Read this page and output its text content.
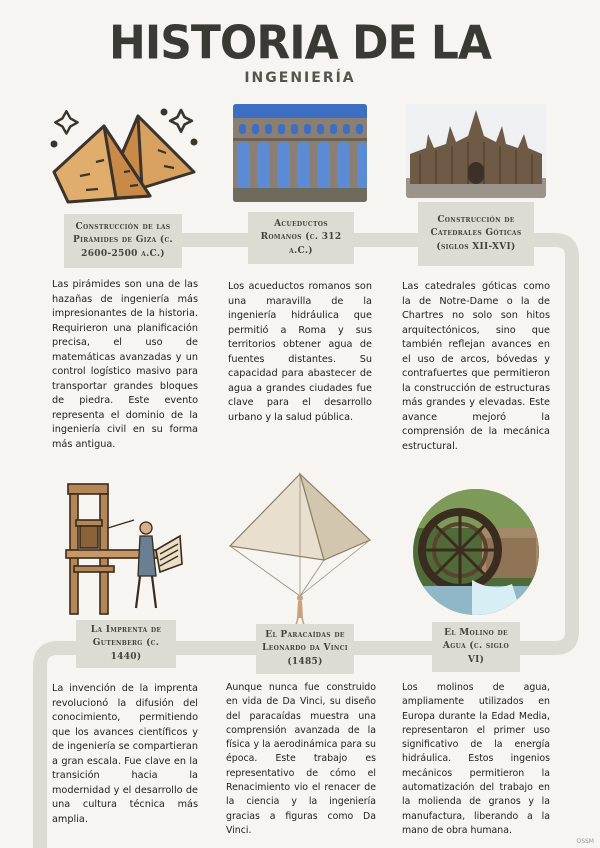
HISTORIA DE LA
INGENIERÍA
Construcción de las Pirámides de Giza (c. 2600-2500 a.C.)
Las pirámides son una de las hazañas de ingeniería más impresionantes de la historia. Requirieron una planificación precisa, el uso de matemáticas avanzadas y un control logístico masivo para transportar grandes bloques de piedra. Este evento representa el dominio de la ingeniería civil en su forma más antigua.
Acueductos Romanos (c. 312 a.C.)
Los acueductos romanos son una maravilla de la ingeniería hidráulica que permitió a Roma y sus territorios obtener agua de fuentes distantes. Su capacidad para abastecer de agua a grandes ciudades fue clave para el desarrollo urbano y la salud pública.
Construcción de Catedrales Góticas (siglos XII-XVI)
Las catedrales góticas como la de Notre-Dame o la de Chartres no solo son hitos arquitectónicos, sino que también reflejan avances en el uso de arcos, bóvedas y contrafuertes que permitieron la construcción de estructuras más grandes y elevadas. Este avance mejoró la comprensión de la mecánica estructural.
La Imprenta de Gutenberg (c. 1440)
La invención de la imprenta revolucionó la difusión del conocimiento, permitiendo que los avances científicos y de ingeniería se compartieran a gran escala. Fue clave en la transición hacia la modernidad y el desarrollo de una cultura técnica más amplia.
El Paracaídas de Leonardo da Vinci (1485)
Aunque nunca fue construido en vida de Da Vinci, su diseño del paracaídas muestra una comprensión avanzada de la física y la aerodinámica para su época. Este trabajo es representativo de cómo el Renacimiento vio el renacer de la ciencia y la ingeniería gracias a figuras como Da Vinci.
El Molino de Agua (c. siglo VI)
Los molinos de agua, ampliamente utilizados en Europa durante la Edad Media, representaron el primer uso significativo de la energía hidráulica. Estos ingenios mecánicos permitieron la automatización del trabajo en la molienda de granos y la manufactura, liberando a la mano de obra humana.
OSSM
